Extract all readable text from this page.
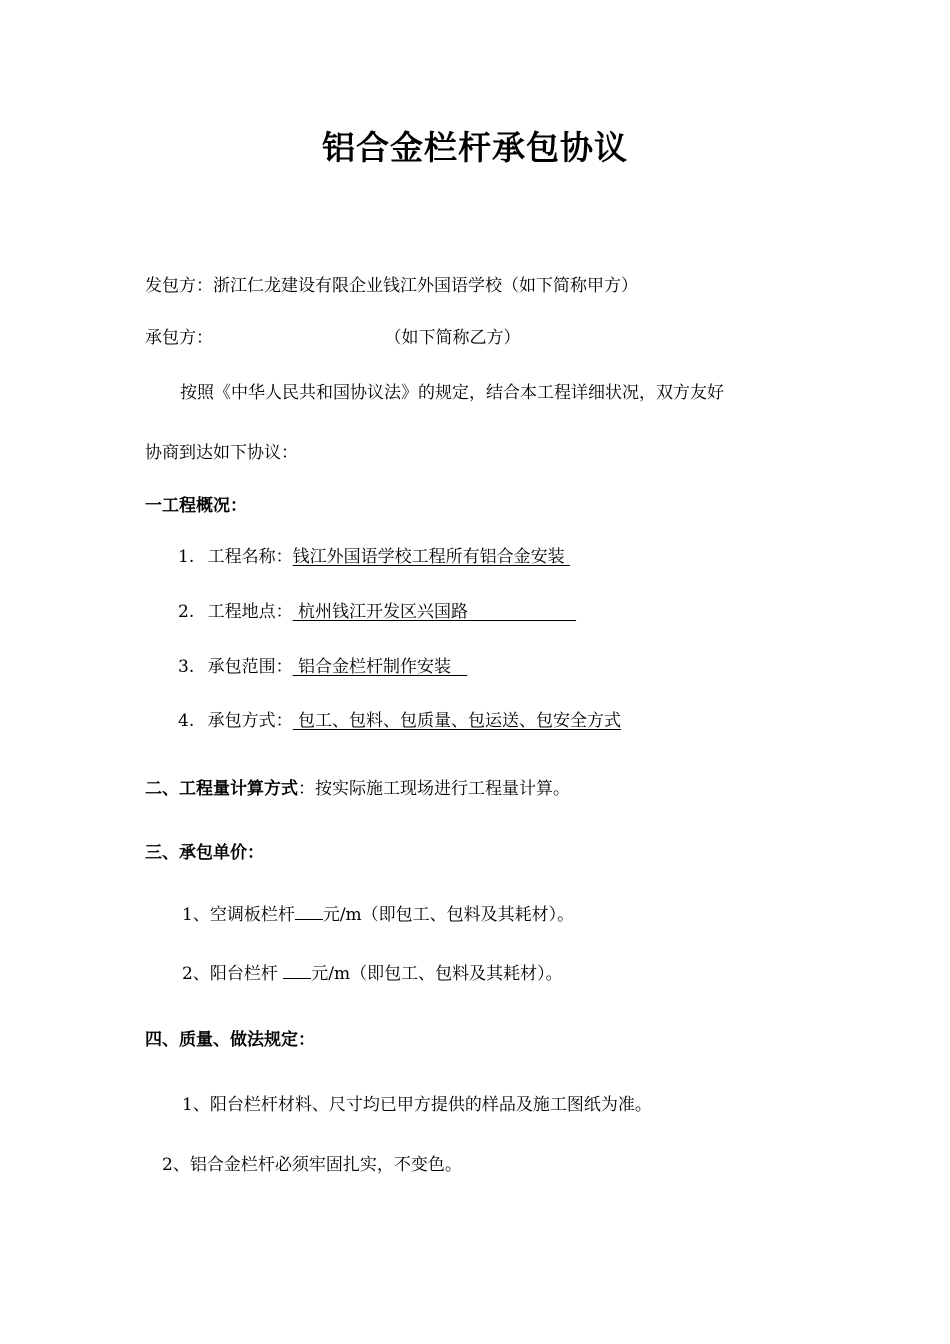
铝合金栏杆承包协议
发包方：浙江仁龙建设有限企业钱江外国语学校（如下简称甲方）
承包方：	（如下简称乙方）
按照《中华人民共和国协议法》的规定，结合本工程详细状况，双方友好
协商到达如下协议：
一工程概况：
1. 工程名称：钱江外国语学校工程所有铝合金安装
2. 工程地点： 杭州钱江开发区兴国路
3. 承包范围： 铝合金栏杆制作安装
4. 承包方式： 包工、包料、包质量、包运送、包安全方式
二、工程量计算方式：按实际施工现场进行工程量计算。
三、承包单价：
1、空调板栏杆 元/m（即包工、包料及其耗材）。
2、阳台栏杆 元/m（即包工、包料及其耗材）。
四、质量、做法规定：
1、阳台栏杆材料、尺寸均已甲方提供的样品及施工图纸为准。
2、铝合金栏杆必须牢固扎实，不变色。
